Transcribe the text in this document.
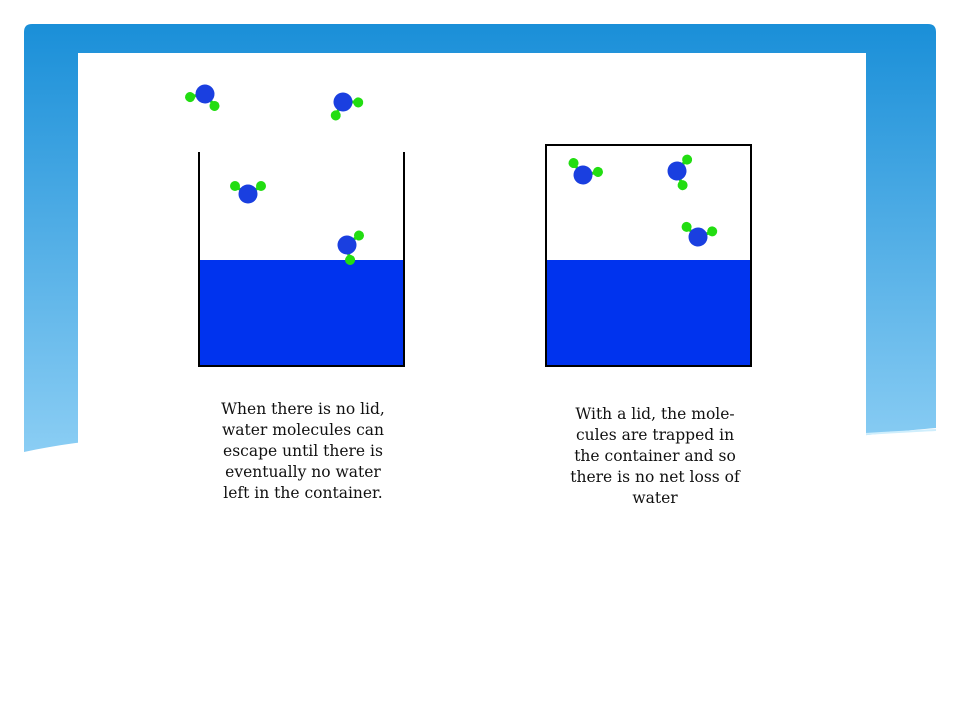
When there is no lid,
water molecules can
escape until there is
eventually no water
left in the container.

With a lid, the mole-
cules are trapped in
the container and so
there is no net loss of
water
